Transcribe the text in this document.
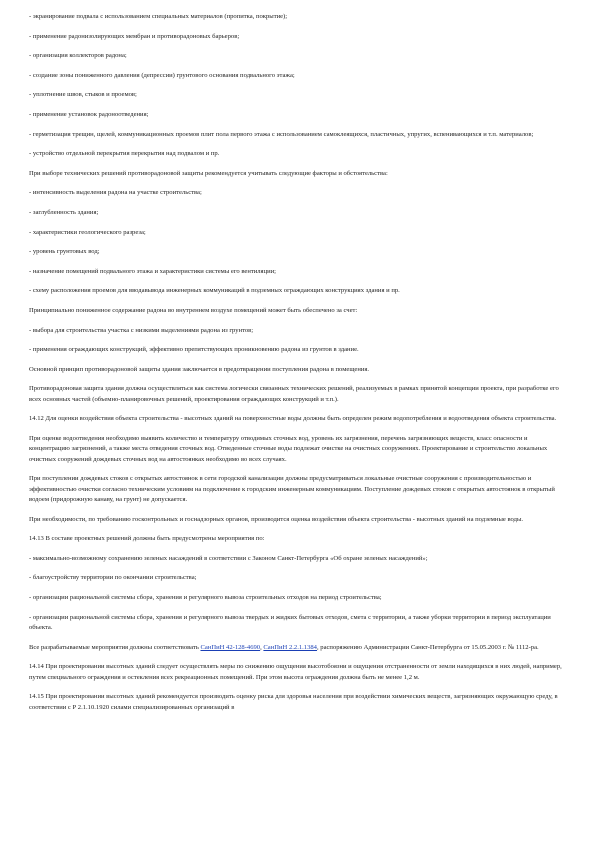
- экранирование подвала с использованием специальных материалов (пропитка, покрытие);

- применение радонизолирующих мембран и противорадоновых барьеров;

- организация коллекторов радона;

- создание зоны пониженного давления (депрессии) грунтового основания подвального этажа;

- уплотнение швов, стыков и проемов;

- применение установок радоноотведения;

- герметизация трещин, щелей, коммуникационных проемов плит пола первого этажа с использованием самоклеящихся, пластичных, упругих, вспенивающихся и т.п. материалов;

- устройство отдельной перекрытия перекрытия над подвалом и пр.

При выборе технических решений противорадоновой защиты рекомендуется учитывать следующие факторы и обстоятельства:

- интенсивность выделения радона на участке строительства;

- заглубленность здания;

- характеристики геологического разреза;

- уровень грунтовых вод;

- назначение помещений подвального этажа и характеристики системы его вентиляции;

- схему расположения проемов для вводавывода инженерных коммуникаций в подземных ограждающих конструкциях здания и пр.

Принципиально пониженное содержание радона во внутреннем воздухе помещений может быть обеспечено за счет:

- выбора для строительства участка с низкими выделениями радона из грунтов;

- применения ограждающих конструкций, эффективно препятствующих проникновению радона из грунтов в здание.

Основной принцип противорадоновой защиты здания заключается в предотвращении поступления радона в помещения.

Противорадоновая защита здания должна осуществляться как система логически связанных технических решений, реализуемых в рамках принятой концепции проекта, при разработке его всех основных частей (объемно-планировочных решений, проектирования ограждающих конструкций и т.п.).

14.12 Для оценки воздействия объекта строительства - высотных зданий на поверхностные воды должны быть определен режим водопотребления и водоотведения объекта строительства.

При оценке водоотведения необходимо выявить количество и температуру отводимых сточных вод, уровень их загрязнения, перечень загрязняющих веществ, класс опасности и концентрацию загрязнений, а также места отведения сточных вод. Отведенные сточные воды подлежат очистке на очистных сооружениях. Проектирование и строительство локальных очистных сооружений дождевых сточных вод на автостоянках необходимо во всех случаях.

При поступлении дождевых стоков с открытых автостоянок в сети городской канализации должны предусматриваться локальные очистные сооружения с производительностью и эффективностью очистки согласно техническим условиям на подключение к городским инженерным коммуникациям. Поступление дождевых стоков с открытых автостоянок в открытый водоем (придорожную канаву, на грунт) не допускается.

При необходимости, по требованию госконтрольных и госнадзорных органов, производится оценка воздействия объекта строительства - высотных зданий на подземные воды.

14.13 В составе проектных решений должны быть предусмотрены мероприятия по:

- максимально-возможному сохранению зеленых насаждений в соответствии с Законом Санкт-Петербурга «Об охране зеленых насаждений»;

- благоустройству территории по окончании строительства;

- организации рациональной системы сбора, хранения и регулярного вывоза строительных отходов на период строительства;

- организации рациональной системы сбора, хранения и регулярного вывоза твердых и жидких бытовых отходов, смета с территории, а также уборки территории в период эксплуатации объекта.

Все разрабатываемые мероприятия должны соответствовать СанПиН 42-128-4690, СанПиН 2.2.1.1384, распоряжению Администрации Санкт-Петербурга от 15.05.2003 г. № 1112-ра.

14.14 При проектировании высотных зданий следует осуществлять меры по снижению ощущения высотобоязни и ощущения отстраненности от земли находящихся в них людей, например, путем специального ограждения и остекления всех рекреационных помещений. При этом высота ограждения должна быть не менее 1,2 м.

14.15 При проектировании высотных зданий рекомендуется производить оценку риска для здоровья населения при воздействии химических веществ, загрязняющих окружающую среду, в соответствии с Р 2.1.10.1920 силами специализированных организаций в
